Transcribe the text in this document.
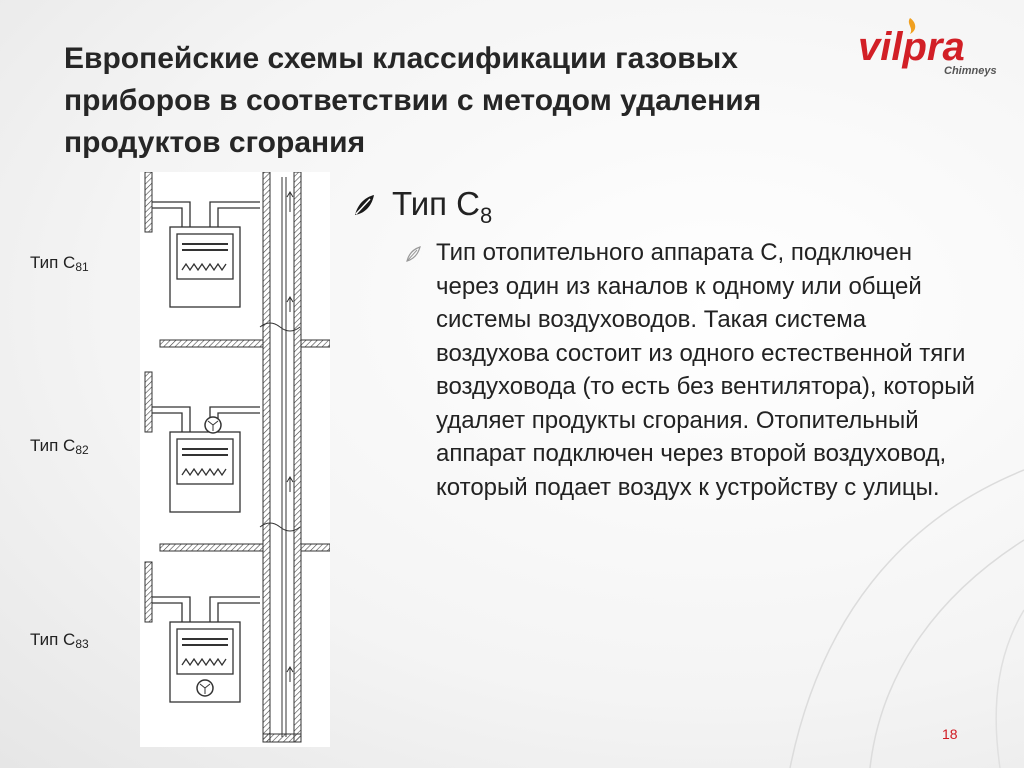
Европейские схемы классификации газовых приборов в соответствии с методом удаления продуктов сгорания
vilpra
Chimneys
Тип $С_{81}$
Тип $С_{82}$
Тип $С_{83}$
Тип $С_8$
Тип отопительного аппарата С, подключен через один из каналов к одному или общей системы воздуховодов. Такая система воздухова состоит из одного естественной тяги воздуховода (то есть без вентилятора), который удаляет продукты сгорания. Отопительный аппарат подключен через второй воздуховод, который подает воздух к устройству с улицы.
18
